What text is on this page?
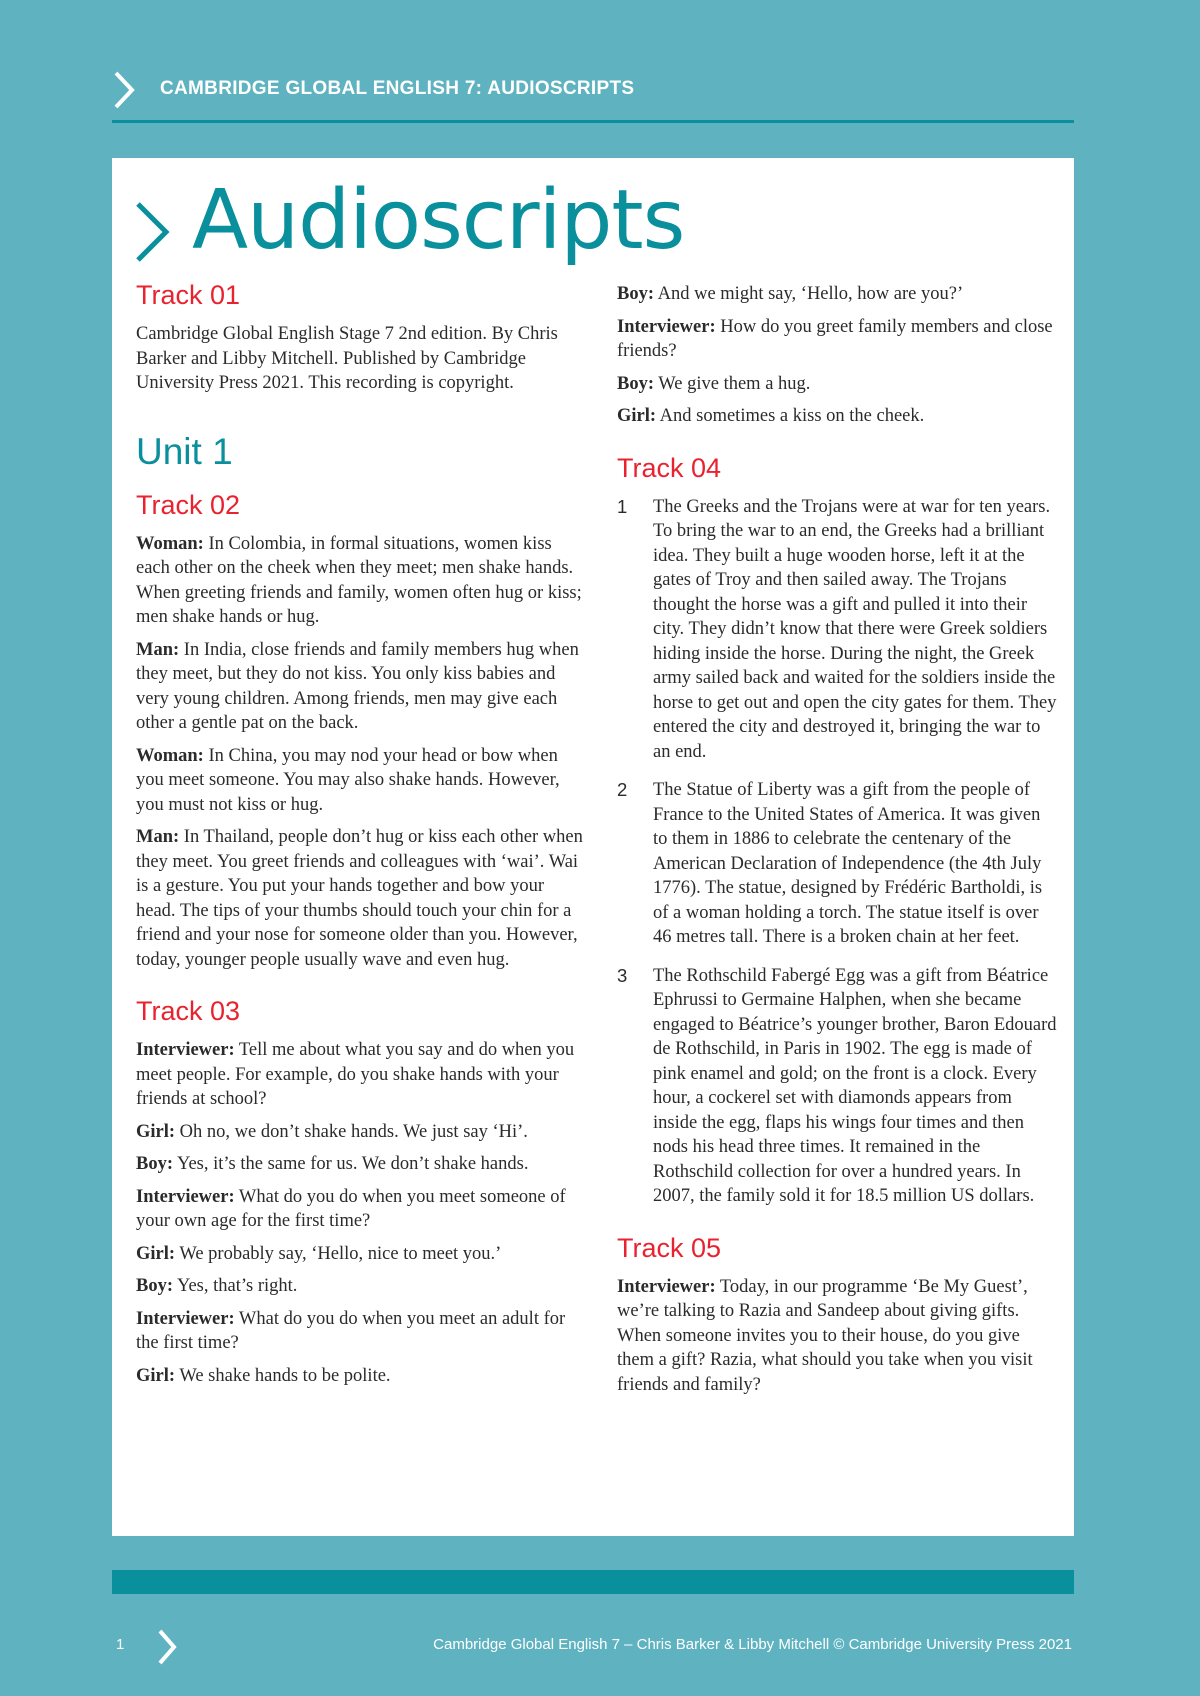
CAMBRIDGE GLOBAL ENGLISH 7: AUDIOSCRIPTS
Audioscripts
Track 01

Cambridge Global English Stage 7 2nd edition. By Chris Barker and Libby Mitchell. Published by Cambridge University Press 2021. This recording is copyright.

Unit 1
Track 02

Woman: In Colombia, in formal situations, women kiss each other on the cheek when they meet; men shake hands. When greeting friends and family, women often hug or kiss; men shake hands or hug.

Man: In India, close friends and family members hug when they meet, but they do not kiss. You only kiss babies and very young children. Among friends, men may give each other a gentle pat on the back.

Woman: In China, you may nod your head or bow when you meet someone. You may also shake hands. However, you must not kiss or hug.

Man: In Thailand, people don’t hug or kiss each other when they meet. You greet friends and colleagues with ‘wai’. Wai is a gesture. You put your hands together and bow your head. The tips of your thumbs should touch your chin for a friend and your nose for someone older than you. However, today, younger people usually wave and even hug.

Track 03

Interviewer: Tell me about what you say and do when you meet people. For example, do you shake hands with your friends at school?

Girl: Oh no, we don’t shake hands. We just say ‘Hi’.

Boy: Yes, it’s the same for us. We don’t shake hands.

Interviewer: What do you do when you meet someone of your own age for the first time?

Girl: We probably say, ‘Hello, nice to meet you.’

Boy: Yes, that’s right.

Interviewer: What do you do when you meet an adult for the first time?

Girl: We shake hands to be polite.

Boy: And we might say, ‘Hello, how are you?’

Interviewer: How do you greet family members and close friends?

Boy: We give them a hug.

Girl: And sometimes a kiss on the cheek.

Track 04
1 The Greeks and the Trojans were at war for ten years. To bring the war to an end, the Greeks had a brilliant idea. They built a huge wooden horse, left it at the gates of Troy and then sailed away. The Trojans thought the horse was a gift and pulled it into their city. They didn’t know that there were Greek soldiers hiding inside the horse. During the night, the Greek army sailed back and waited for the soldiers inside the horse to get out and open the city gates for them. They entered the city and destroyed it, bringing the war to an end.
2 The Statue of Liberty was a gift from the people of France to the United States of America. It was given to them in 1886 to celebrate the centenary of the American Declaration of Independence (the 4th July 1776). The statue, designed by Frédéric Bartholdi, is of a woman holding a torch. The statue itself is over 46 metres tall. There is a broken chain at her feet.
3 The Rothschild Fabergé Egg was a gift from Béatrice Ephrussi to Germaine Halphen, when she became engaged to Béatrice’s younger brother, Baron Edouard de Rothschild, in Paris in 1902. The egg is made of pink enamel and gold; on the front is a clock. Every hour, a cockerel set with diamonds appears from inside the egg, flaps his wings four times and then nods his head three times. It remained in the Rothschild collection for over a hundred years. In 2007, the family sold it for 18.5 million US dollars.
Track 05

Interviewer: Today, in our programme ‘Be My Guest’, we’re talking to Razia and Sandeep about giving gifts. When someone invites you to their house, do you give them a gift? Razia, what should you take when you visit friends and family?

1	Cambridge Global English 7 – Chris Barker & Libby Mitchell © Cambridge University Press 2021
